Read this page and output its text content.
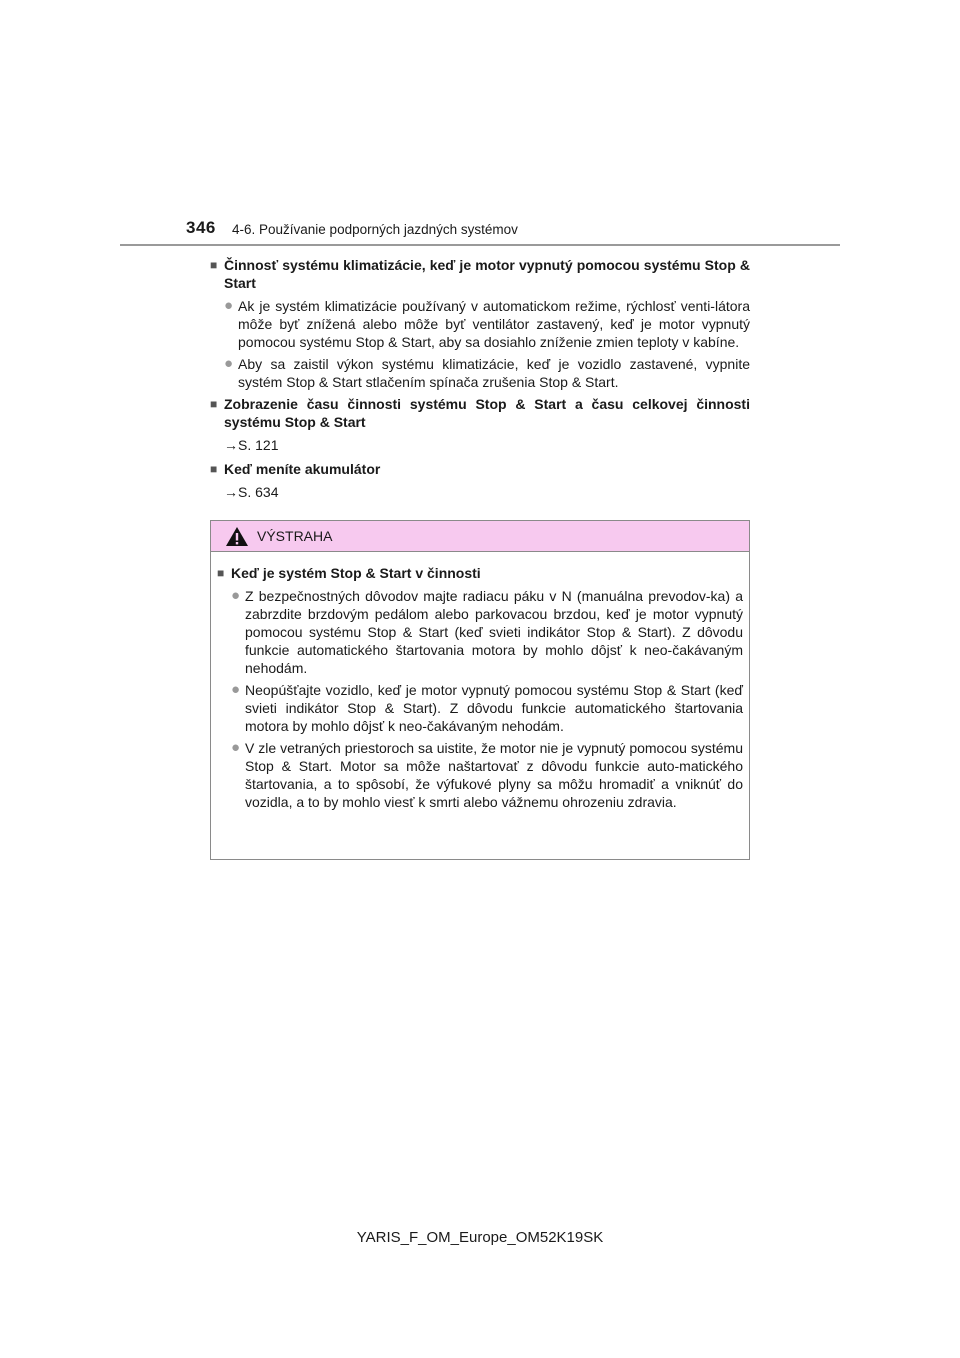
346 4-6. Používanie podporných jazdných systémov
■ Činnosť systému klimatizácie, keď je motor vypnutý pomocou systému Stop & Start
● Ak je systém klimatizácie používaný v automatickom režime, rýchlosť venti-látora môže byť znížená alebo môže byť ventilátor zastavený, keď je motor vypnutý pomocou systému Stop & Start, aby sa dosiahlo zníženie zmien teploty v kabíne.
● Aby sa zaistil výkon systému klimatizácie, keď je vozidlo zastavené, vypnite systém Stop & Start stlačením spínača zrušenia Stop & Start.
■ Zobrazenie času činnosti systému Stop & Start a času celkovej činnosti systému Stop & Start
→ S. 121
■ Keď meníte akumulátor
→ S. 634
VÝSTRAHA
■ Keď je systém Stop & Start v činnosti
● Z bezpečnostných dôvodov majte radiacu páku v N (manuálna prevodov-ka) a zabrzdite brzdovým pedálom alebo parkovacou brzdou, keď je motor vypnutý pomocou systému Stop & Start (keď svieti indikátor Stop & Start). Z dôvodu funkcie automatického štartovania motora by mohlo dôjsť k neo-čakávaným nehodám.
● Neopúšťajte vozidlo, keď je motor vypnutý pomocou systému Stop & Start (keď svieti indikátor Stop & Start). Z dôvodu funkcie automatického štartovania motora by mohlo dôjsť k neo-čakávaným nehodám.
● V zle vetraných priestoroch sa uistite, že motor nie je vypnutý pomocou systému Stop & Start. Motor sa môže naštartovať z dôvodu funkcie auto-matického štartovania, a to spôsobí, že výfukové plyny sa môžu hromadiť a vniknúť do vozidla, a to by mohlo viesť k smrti alebo vážnemu ohrozeniu zdravia.
YARIS_F_OM_Europe_OM52K19SK
